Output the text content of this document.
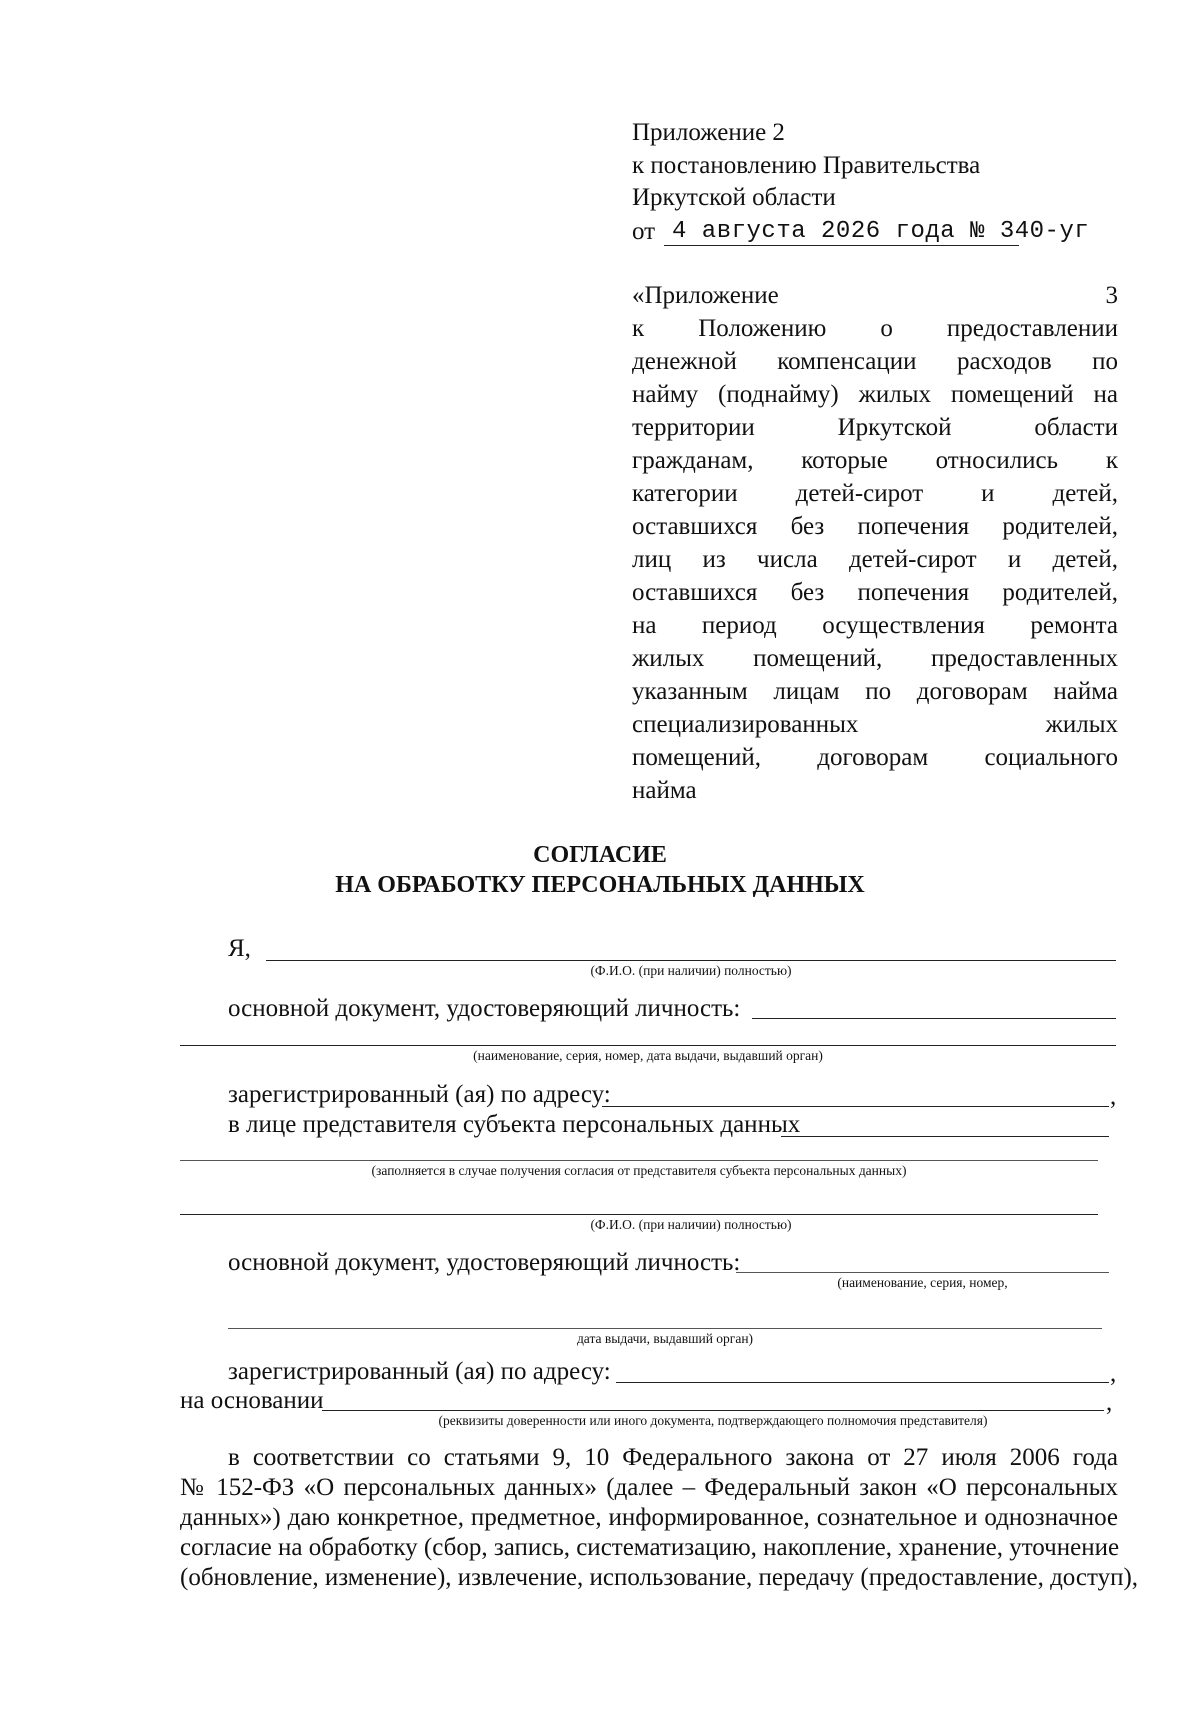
Приложение 2
к постановлению Правительства
Иркутской области
от 4 августа 2026 года № 340-уг
«Приложение 3
к Положению о предоставлении
денежной компенсации расходов по
найму (поднайму) жилых помещений на
территории Иркутской области
гражданам, которые относились к
категории детей-сирот и детей,
оставшихся без попечения родителей,
лиц из числа детей-сирот и детей,
оставшихся без попечения родителей,
на период осуществления ремонта
жилых помещений, предоставленных
указанным лицам по договорам найма
специализированных жилых
помещений, договорам социального
найма
СОГЛАСИЕ
НА ОБРАБОТКУ ПЕРСОНАЛЬНЫХ ДАННЫХ
Я,
(Ф.И.О. (при наличии) полностью)
основной документ, удостоверяющий личность:
(наименование, серия, номер, дата выдачи, выдавший орган)
зарегистрированный (ая) по адресу:	,
в лице представителя субъекта персональных данных
(заполняется в случае получения согласия от представителя субъекта персональных данных)
(Ф.И.О. (при наличии) полностью)
основной документ, удостоверяющий личность:
(наименование, серия, номер,
дата выдачи, выдавший орган)
зарегистрированный (ая) по адресу:	,
на основании	,
(реквизиты доверенности или иного документа, подтверждающего полномочия представителя)
в соответствии со статьями 9, 10 Федерального закона от 27 июля 2006 года
№ 152-ФЗ «О персональных данных» (далее – Федеральный закон «О персональных
данных») даю конкретное, предметное, информированное, сознательное и однозначное
согласие на обработку (сбор, запись, систематизацию, накопление, хранение, уточнение
(обновление, изменение), извлечение, использование, передачу (предоставление, доступ),
